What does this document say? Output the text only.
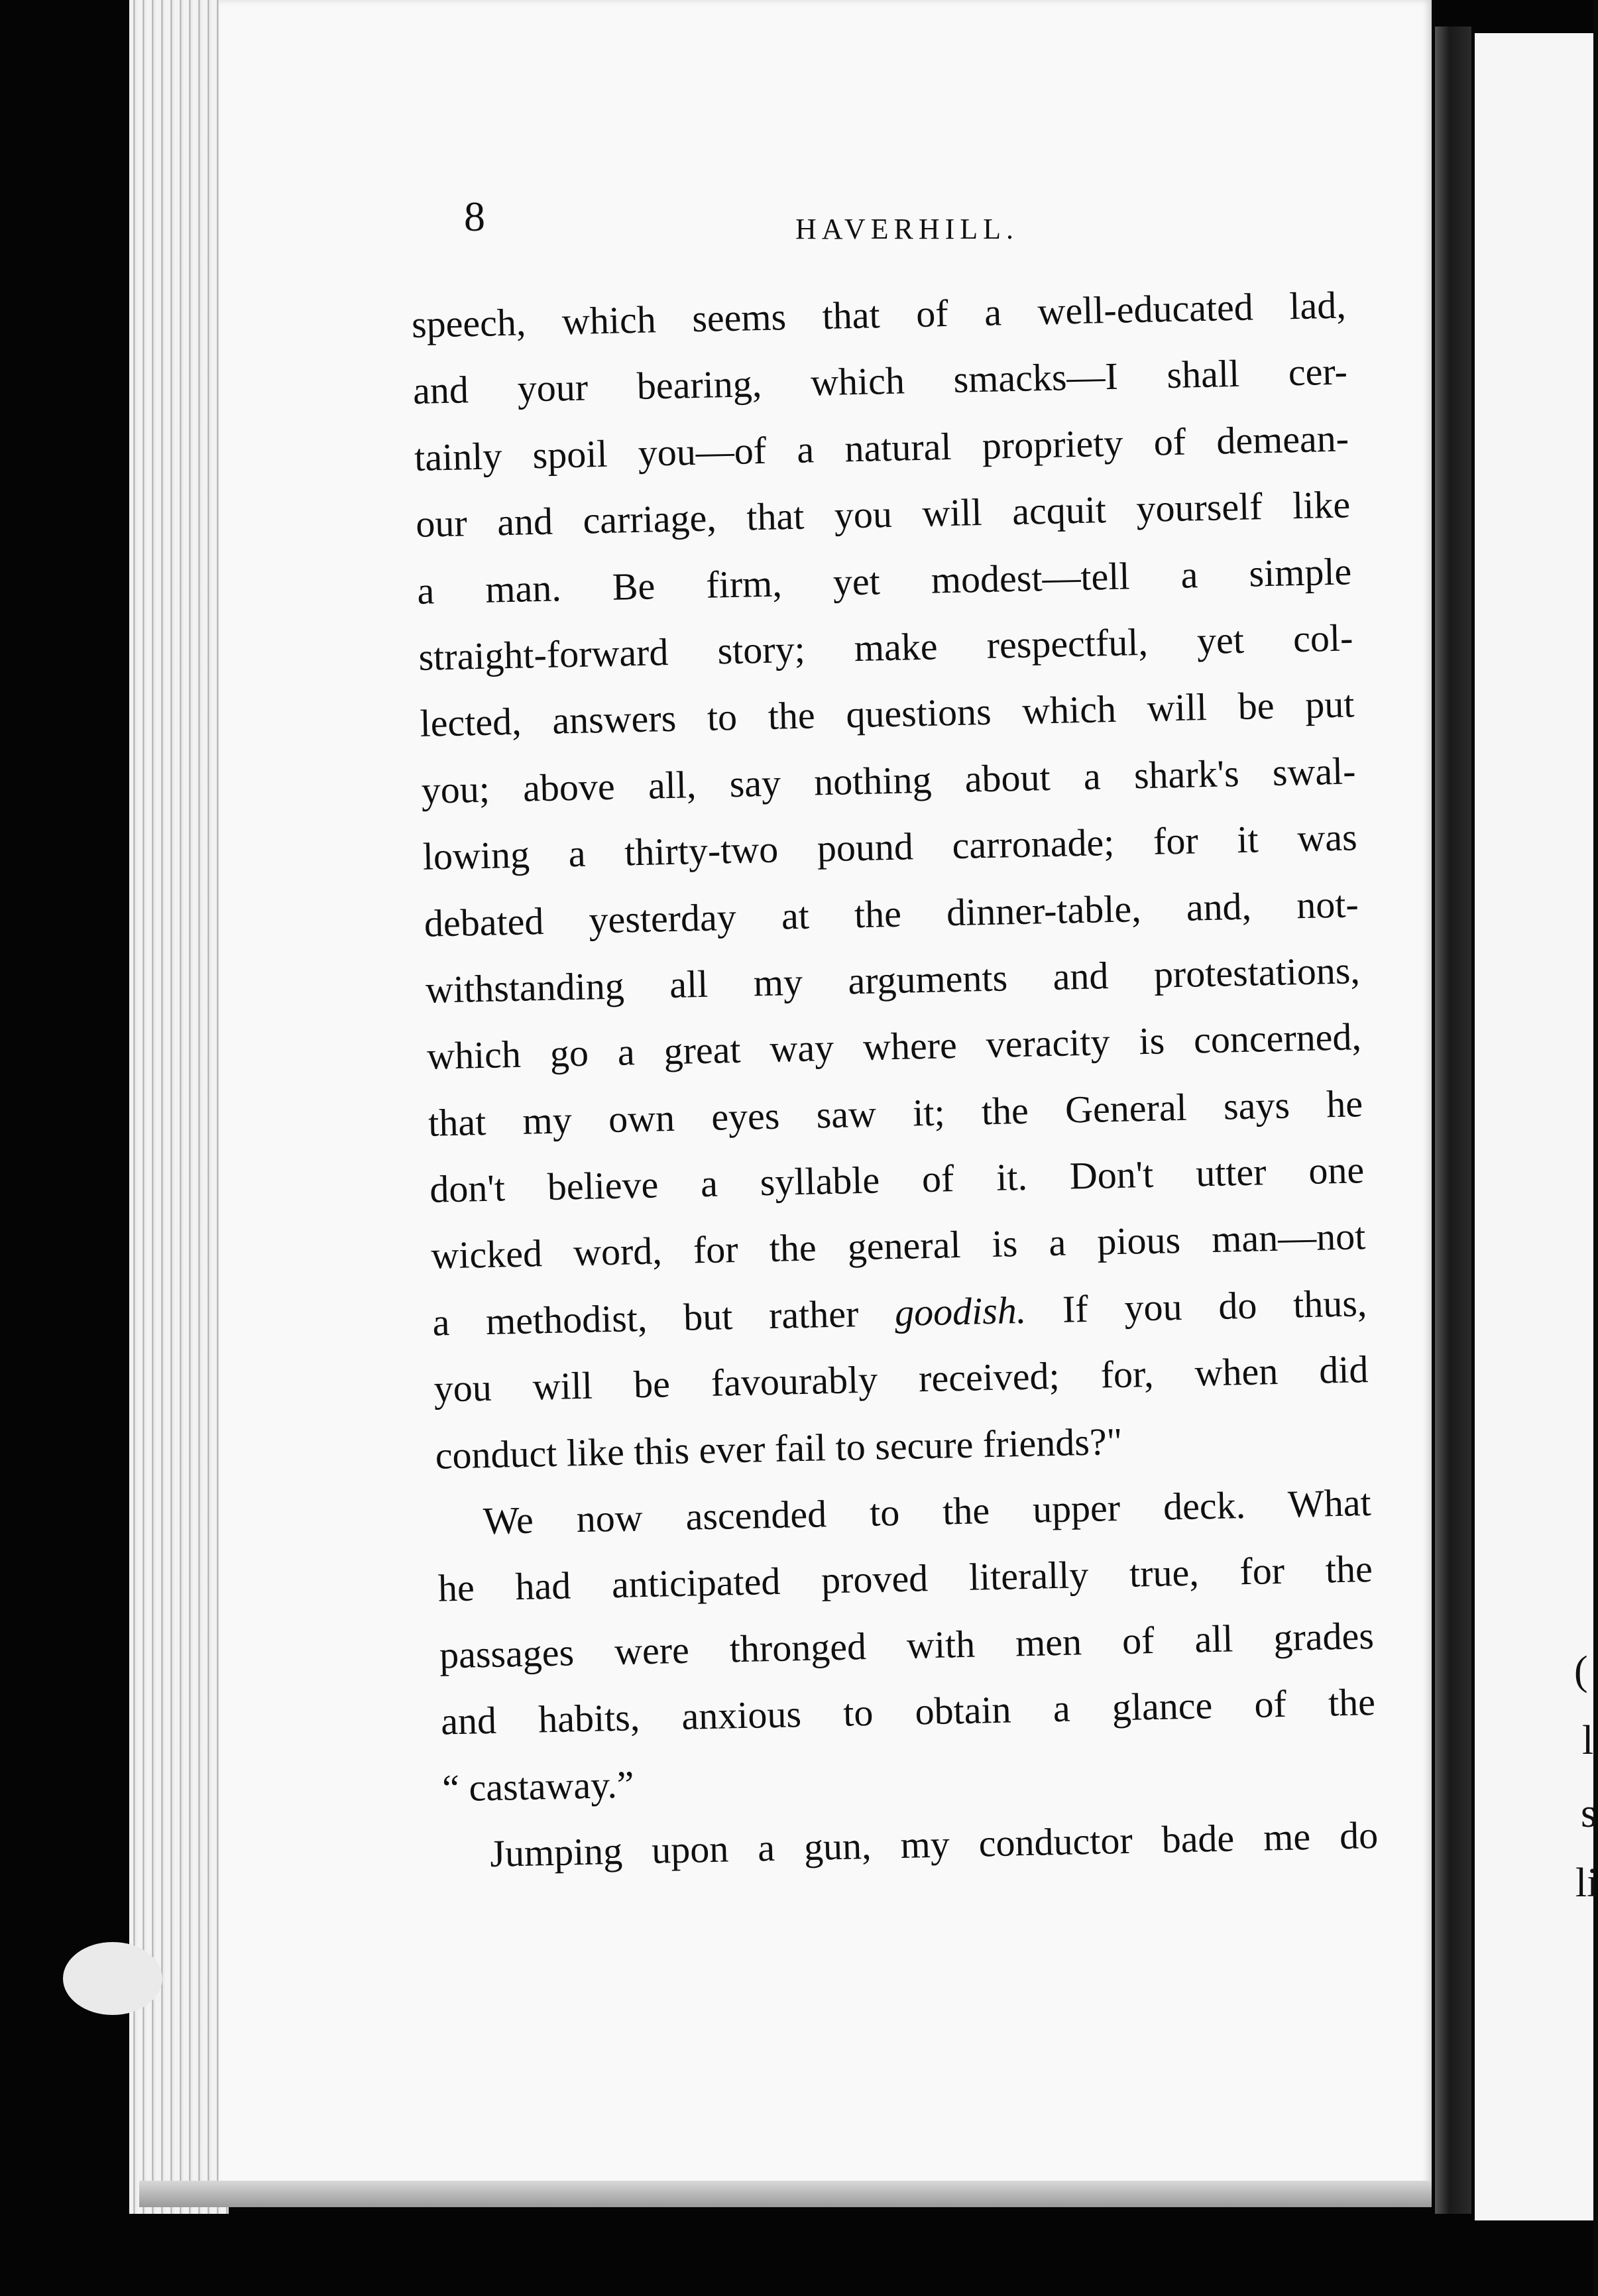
(
l
s
li
8	HAVERHILL.
speech, which seems that of a well-educated lad,
and your bearing, which smacks—I shall cer-
tainly spoil you—of a natural propriety of demean-
our and carriage, that you will acquit yourself like
a man. Be firm, yet modest—tell a simple
straight-forward story; make respectful, yet col-
lected, answers to the questions which will be put
you; above all, say nothing about a shark's swal-
lowing a thirty-two pound carronade; for it was
debated yesterday at the dinner-table, and, not-
withstanding all my arguments and protestations,
which go a great way where veracity is concerned,
that my own eyes saw it; the General says he
don't believe a syllable of it. Don't utter one
wicked word, for the general is a pious man—not
a methodist, but rather goodish. If you do thus,
you will be favourably received; for, when did
conduct like this ever fail to secure friends?"
We now ascended to the upper deck. What
he had anticipated proved literally true, for the
passages were thronged with men of all grades
and habits, anxious to obtain a glance of the
“ castaway.”
Jumping upon a gun, my conductor bade me do
